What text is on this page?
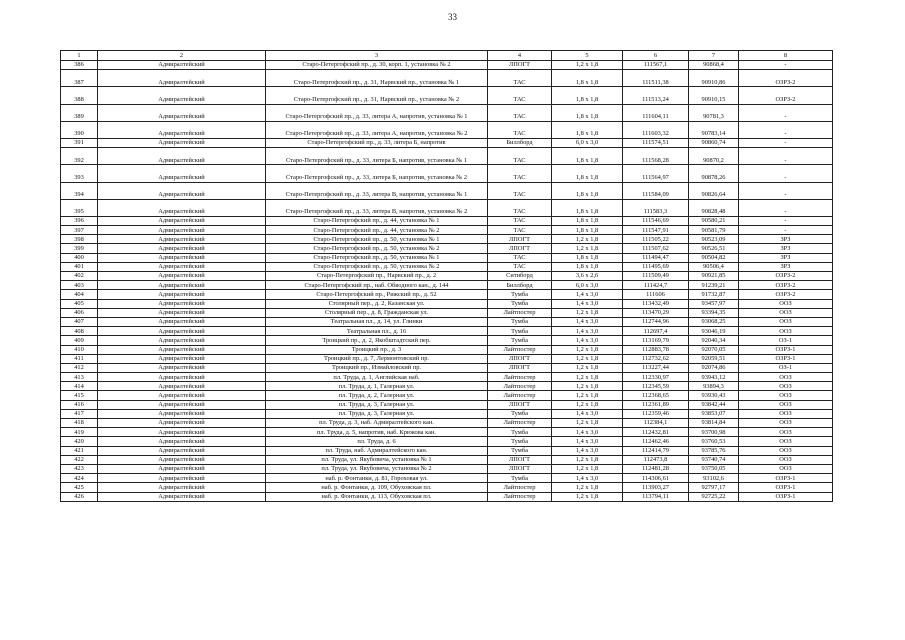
33
1	2	3	4	5	6	7	8
386	Адмиралтейский	Старо-Петергофский пр., д. 30, корп. 1, установка № 2	ЛПОГТ	1,2 x 1,8	111567,1	90868,4	-
387	Адмиралтейский	Старо-Петергофский пр., д. 31, Нарвский пр., установка № 1	ТАС	1,8 x 1,8	111511,38	90910,86	ОЗРЗ-2
388	Адмиралтейский	Старо-Петергофский пр., д. 31, Нарвский пр., установка № 2	ТАС	1,8 x 1,8	111513,24	90910,15	ОЗРЗ-2
389	Адмиралтейский	Старо-Петергофский пр., д. 33, литера А, напротив, установка № 1	ТАС	1,8 x 1,8	111604,11	90781,3	-
390	Адмиралтейский	Старо-Петергофский пр., д. 33, литера А, напротив, установка № 2	ТАС	1,8 x 1,8	111603,32	90783,14	-
391	Адмиралтейский	Старо-Петергофский пр., д. 33, литера Б, напротив	Биллборд	6,0 x 3,0	111574,51	90860,74	-
392	Адмиралтейский	Старо-Петергофский пр., д. 33, литера Б, напротив, установка № 1	ТАС	1,8 x 1,8	111568,28	90870,2	-
393	Адмиралтейский	Старо-Петергофский пр., д. 33, литера Б, напротив, установка № 2	ТАС	1,8 x 1,8	111564,97	90878,26	-
394	Адмиралтейский	Старо-Петергофский пр., д. 33, литера В, напротив, установка № 1	ТАС	1,8 x 1,8	111584,09	90826,64	-
395	Адмиралтейский	Старо-Петергофский пр., д. 33, литера В, напротив, установка № 2	ТАС	1,8 x 1,8	111583,3	90828,48	-
396	Адмиралтейский	Старо-Петергофский пр., д. 44, установка № 1	ТАС	1,8 x 1,8	111546,69	90580,21	-
397	Адмиралтейский	Старо-Петергофский пр., д. 44, установка № 2	ТАС	1,8 x 1,8	111547,91	90581,79	-
398	Адмиралтейский	Старо-Петергофский пр., д. 50, установка № 1	ЛПОГТ	1,2 x 1,8	111505,22	90523,09	ЗРЗ
399	Адмиралтейский	Старо-Петергофский пр., д. 50, установка № 2	ЛПОГТ	1,2 x 1,8	111507,62	90526,51	ЗРЗ
400	Адмиралтейский	Старо-Петергофский пр., д. 50, установка № 1	ТАС	1,8 x 1,8	111494,47	90504,82	ЗРЗ
401	Адмиралтейский	Старо-Петергофский пр., д. 50, установка № 2	ТАС	1,8 x 1,8	111495,69	90506,4	ЗРЗ
402	Адмиралтейский	Старо-Петергофский пр., Нарвский пр., д. 2	Ситиборд	3,6 x 2,6	111509,49	90921,85	ОЗРЗ-2
403	Адмиралтейский	Старо-Петергофский пр., наб. Обводного кан., д. 144	Биллборд	6,0 x 3,0	111424,7	91239,21	ОЗРЗ-2
404	Адмиралтейский	Старо-Петергофский пр., Рижский пр., д. 52	Тумба	1,4 x 3,0	111606	91732,87	ОЗРЗ-2
405	Адмиралтейский	Столярный пер., д. 2, Казанская ул.	Тумба	1,4 x 3,0	113432,49	93457,97	ООЗ
406	Адмиралтейский	Столярный пер., д. 8, Гражданская ул.	Лайтпостер	1,2 x 1,8	113470,29	93394,35	ООЗ
407	Адмиралтейский	Театральная пл., д. 14, ул. Глинки	Тумба	1,4 x 3,0	112744,96	93068,25	ООЗ
408	Адмиралтейский	Театральная пл., д. 16	Тумба	1,4 x 3,0	112697,4	93046,19	ООЗ
409	Адмиралтейский	Троицкий пр., д. 2, Якобштадтский пер.	Тумба	1,4 x 3,0	113169,79	92040,34	ОЗ-1
410	Адмиралтейский	Троицкий пр., д. 3	Лайтпостер	1,2 x 1,8	112883,78	92070,05	ОЗРЗ-1
411	Адмиралтейский	Троицкий пр., д. 7, Лермонтовский пр.	ЛПОГТ	1,2 x 1,8	112732,62	92059,51	ОЗРЗ-1
412	Адмиралтейский	Троицкий пр., Измайловский пр.	ЛПОГТ	1,2 x 1,8	113227,44	92074,86	ОЗ-1
413	Адмиралтейский	пл. Труда, д. 1, Английская наб.	Лайтпостер	1,2 x 1,8	112330,97	93943,12	ООЗ
414	Адмиралтейский	пл. Труда, д. 1, Галерная ул.	Лайтпостер	1,2 x 1,8	112345,59	93894,3	ООЗ
415	Адмиралтейский	пл. Труда, д. 2, Галерная ул.	Лайтпостер	1,2 x 1,8	112368,65	93930,43	ООЗ
416	Адмиралтейский	пл. Труда, д. 3, Галерная ул.	ЛПОГТ	1,2 x 1,8	112361,89	93842,44	ООЗ
417	Адмиралтейский	пл. Труда, д. 3, Галерная ул.	Тумба	1,4 x 3,0	112359,46	93853,07	ООЗ
418	Адмиралтейский	пл. Труда, д. 3, наб. Адмиралтейского кан.	Лайтпостер	1,2 x 1,8	112384,1	93814,84	ООЗ
419	Адмиралтейский	пл. Труда, д. 5, напротив, наб. Крюкова кан.	Тумба	1,4 x 3,0	112432,81	93700,98	ООЗ
420	Адмиралтейский	пл. Труда, д. 6	Тумба	1,4 x 3,0	112462,46	93760,53	ООЗ
421	Адмиралтейский	пл. Труда, наб. Адмиралтейского кан.	Тумба	1,4 x 3,0	112414,79	93785,76	ООЗ
422	Адмиралтейский	пл. Труда, ул. Якубовича, установка № 1	ЛПОГТ	1,2 x 1,8	112473,8	93740,74	ООЗ
423	Адмиралтейский	пл. Труда, ул. Якубовича, установка № 2	ЛПОГТ	1,2 x 1,8	112481,28	93750,05	ООЗ
424	Адмиралтейский	наб. р. Фонтанки, д. 81, Гороховая ул.	Тумба	1,4 x 3,0	114306,61	93102,6	ОЗРЗ-1
425	Адмиралтейский	наб. р. Фонтанки, д. 109, Обуховская пл.	Лайтпостер	1,2 x 1,8	113903,27	92797,17	ОЗРЗ-1
426	Адмиралтейский	наб. р. Фонтанки, д. 113, Обуховская пл.	Лайтпостер	1,2 x 1,8	113794,11	92725,22	ОЗРЗ-1
